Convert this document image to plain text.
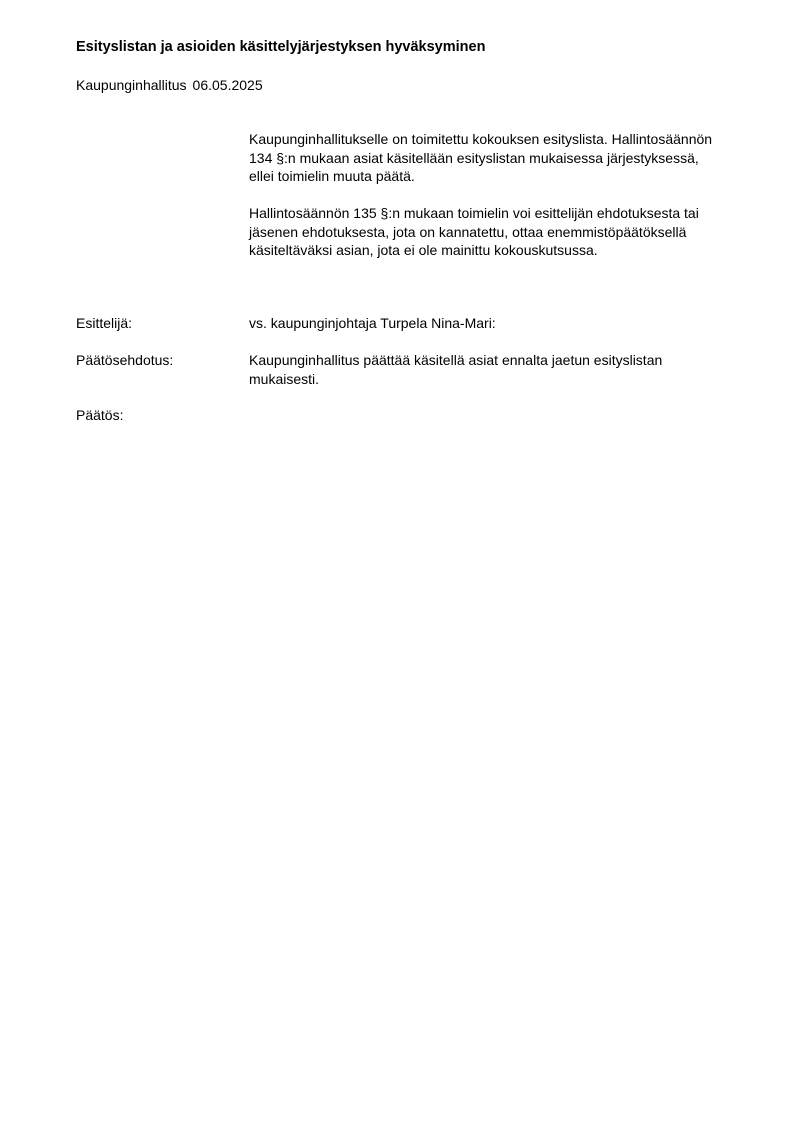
Esityslistan ja asioiden käsittelyjärjestyksen hyväksyminen

Kaupunginhallitus 06.05.2025

Kaupunginhallitukselle on toimitettu kokouksen esityslista. Hallintosäännön 134 §:n mukaan asiat käsitellään esityslistan mukaisessa järjestyksessä, ellei toimielin muuta päätä.

Hallintosäännön 135 §:n mukaan toimielin voi esittelijän ehdotuksesta tai jäsenen ehdotuksesta, jota on kannatettu, ottaa enemmistöpäätöksellä käsiteltäväksi asian, jota ei ole mainittu kokouskutsussa.

Esittelijä:	vs. kaupunginjohtaja Turpela Nina-Mari:

Päätösehdotus:	Kaupunginhallitus päättää käsitellä asiat ennalta jaetun esityslistan mukaisesti.

Päätös:
